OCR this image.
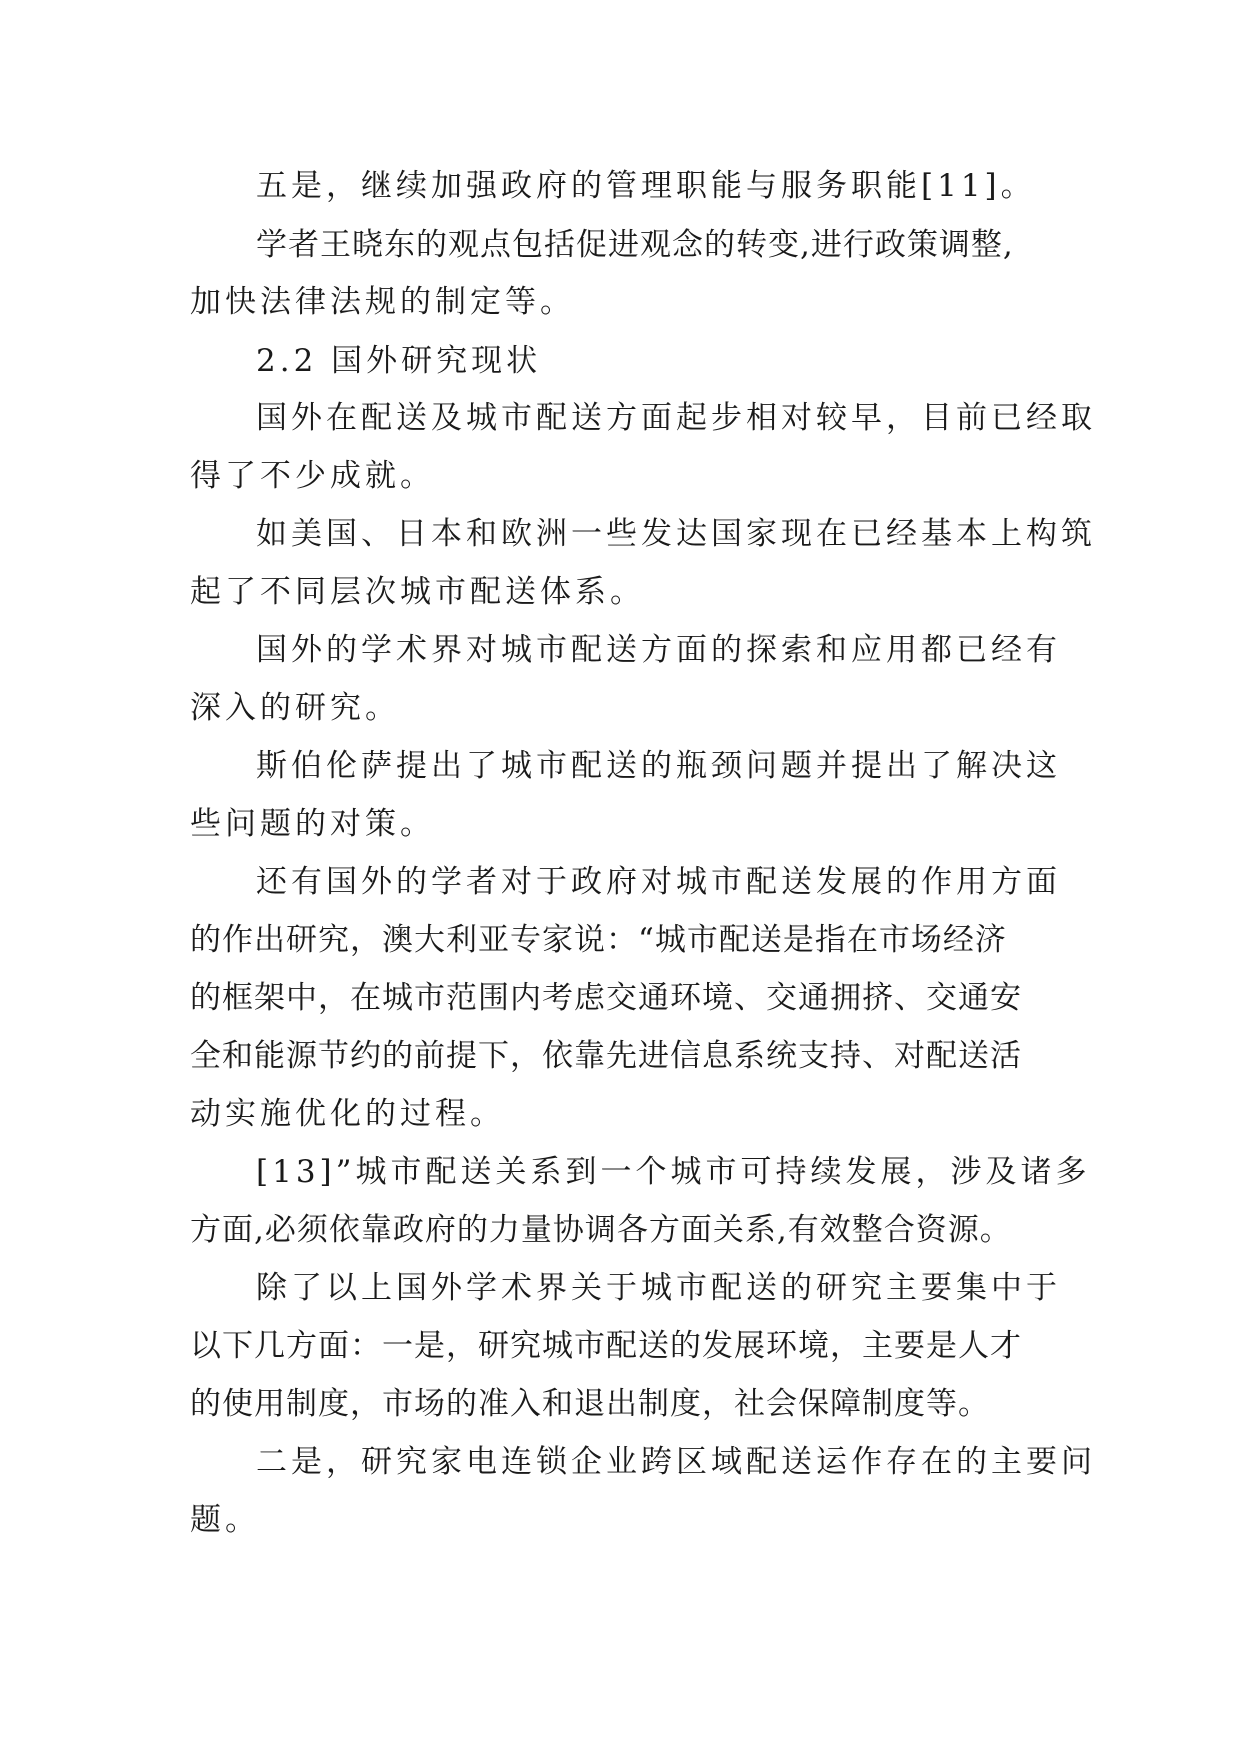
五是，继续加强政府的管理职能与服务职能[11]。
学者王晓东的观点包括促进观念的转变,进行政策调整,
加快法律法规的制定等。
2.2 国外研究现状
国外在配送及城市配送方面起步相对较早，目前已经取
得了不少成就。
如美国、日本和欧洲一些发达国家现在已经基本上构筑
起了不同层次城市配送体系。
国外的学术界对城市配送方面的探索和应用都已经有
深入的研究。
斯伯伦萨提出了城市配送的瓶颈问题并提出了解决这
些问题的对策。
还有国外的学者对于政府对城市配送发展的作用方面
的作出研究，澳大利亚专家说：“城市配送是指在市场经济
的框架中，在城市范围内考虑交通环境、交通拥挤、交通安
全和能源节约的前提下，依靠先进信息系统支持、对配送活
动实施优化的过程。
[13]”城市配送关系到一个城市可持续发展，涉及诸多
方面,必须依靠政府的力量协调各方面关系,有效整合资源。
除了以上国外学术界关于城市配送的研究主要集中于
以下几方面：一是，研究城市配送的发展环境，主要是人才
的使用制度，市场的准入和退出制度，社会保障制度等。
二是，研究家电连锁企业跨区域配送运作存在的主要问
题。
